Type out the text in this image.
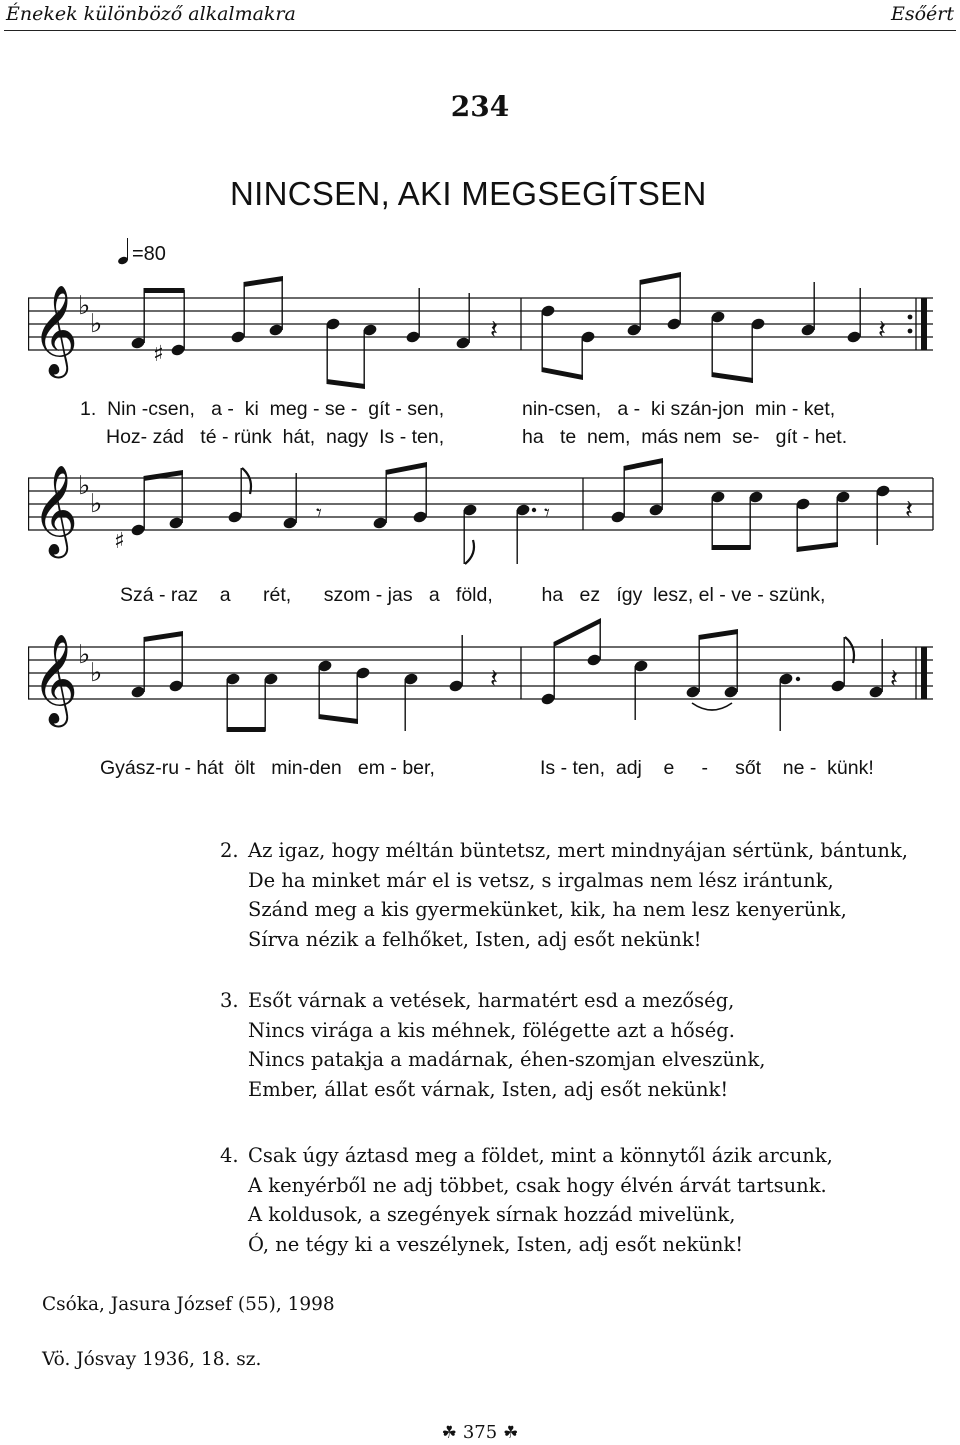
Énekek különböző alkalmakra	Esőért
234
NINCSEN, AKI MEGSEGÍTSEN
=80
𝄞 ♭
♭
♯
𝄽	𝄽
1.  Nin -csen,   a -  ki  meg - se -  gít - sen,	nin-csen,   a -  ki szán-jon  min - ket,
Hoz- zád   té - rünk  hát,  nagy  Is - ten,	ha   te  nem,  más nem  se-   gít - het.
𝄞 ♭
♭
♯
𝄾	𝄾	𝄽
Szá - raz    a      rét,      szom - jas   a   föld,         ha   ez   így  lesz, el - ve - szünk,
𝄞 ♭
♭	𝄽	𝄽
Gyász-ru - hát  ölt   min-den   em - ber,	Is - ten,  adj    e     -     sőt    ne -  künk!
2. Az igaz, hogy méltán büntetsz, mert mindnyájan sértünk, bántunk,
De ha minket már el is vetsz, s irgalmas nem lész irántunk,
Szánd meg a kis gyermekünket, kik, ha nem lesz kenyerünk,
Sírva nézik a felhőket, Isten, adj esőt nekünk!
3. Esőt várnak a vetések, harmatért esd a mezőség,
Nincs virága a kis méhnek, fölégette azt a hőség.
Nincs patakja a madárnak, éhen-szomjan elveszünk,
Ember, állat esőt várnak, Isten, adj esőt nekünk!
4. Csak úgy áztasd meg a földet, mint a könnytől ázik arcunk,
A kenyérből ne adj többet, csak hogy élvén árvát tartsunk.
A koldusok, a szegények sírnak hozzád mivelünk,
Ó, ne tégy ki a veszélynek, Isten, adj esőt nekünk!
Csóka, Jasura József (55), 1998
Vö. Jósvay 1936, 18. sz.
☘ 375 ☘
